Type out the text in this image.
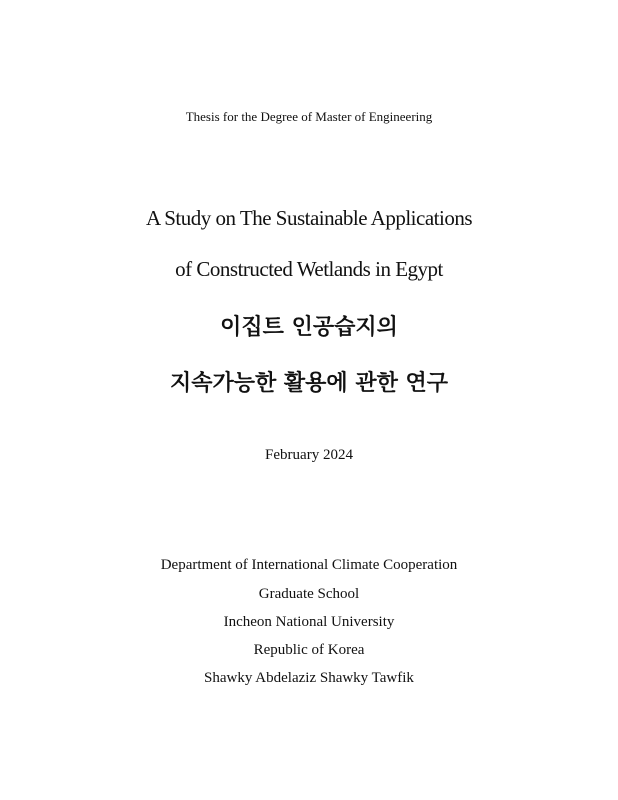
Thesis for the Degree of Master of Engineering

A Study on The Sustainable Applications
of Constructed Wetlands in Egypt
이집트 인공습지의
지속가능한 활용에 관한 연구

February 2024

Department of International Climate Cooperation

Graduate School

Incheon National University

Republic of Korea

Shawky Abdelaziz Shawky Tawfik
